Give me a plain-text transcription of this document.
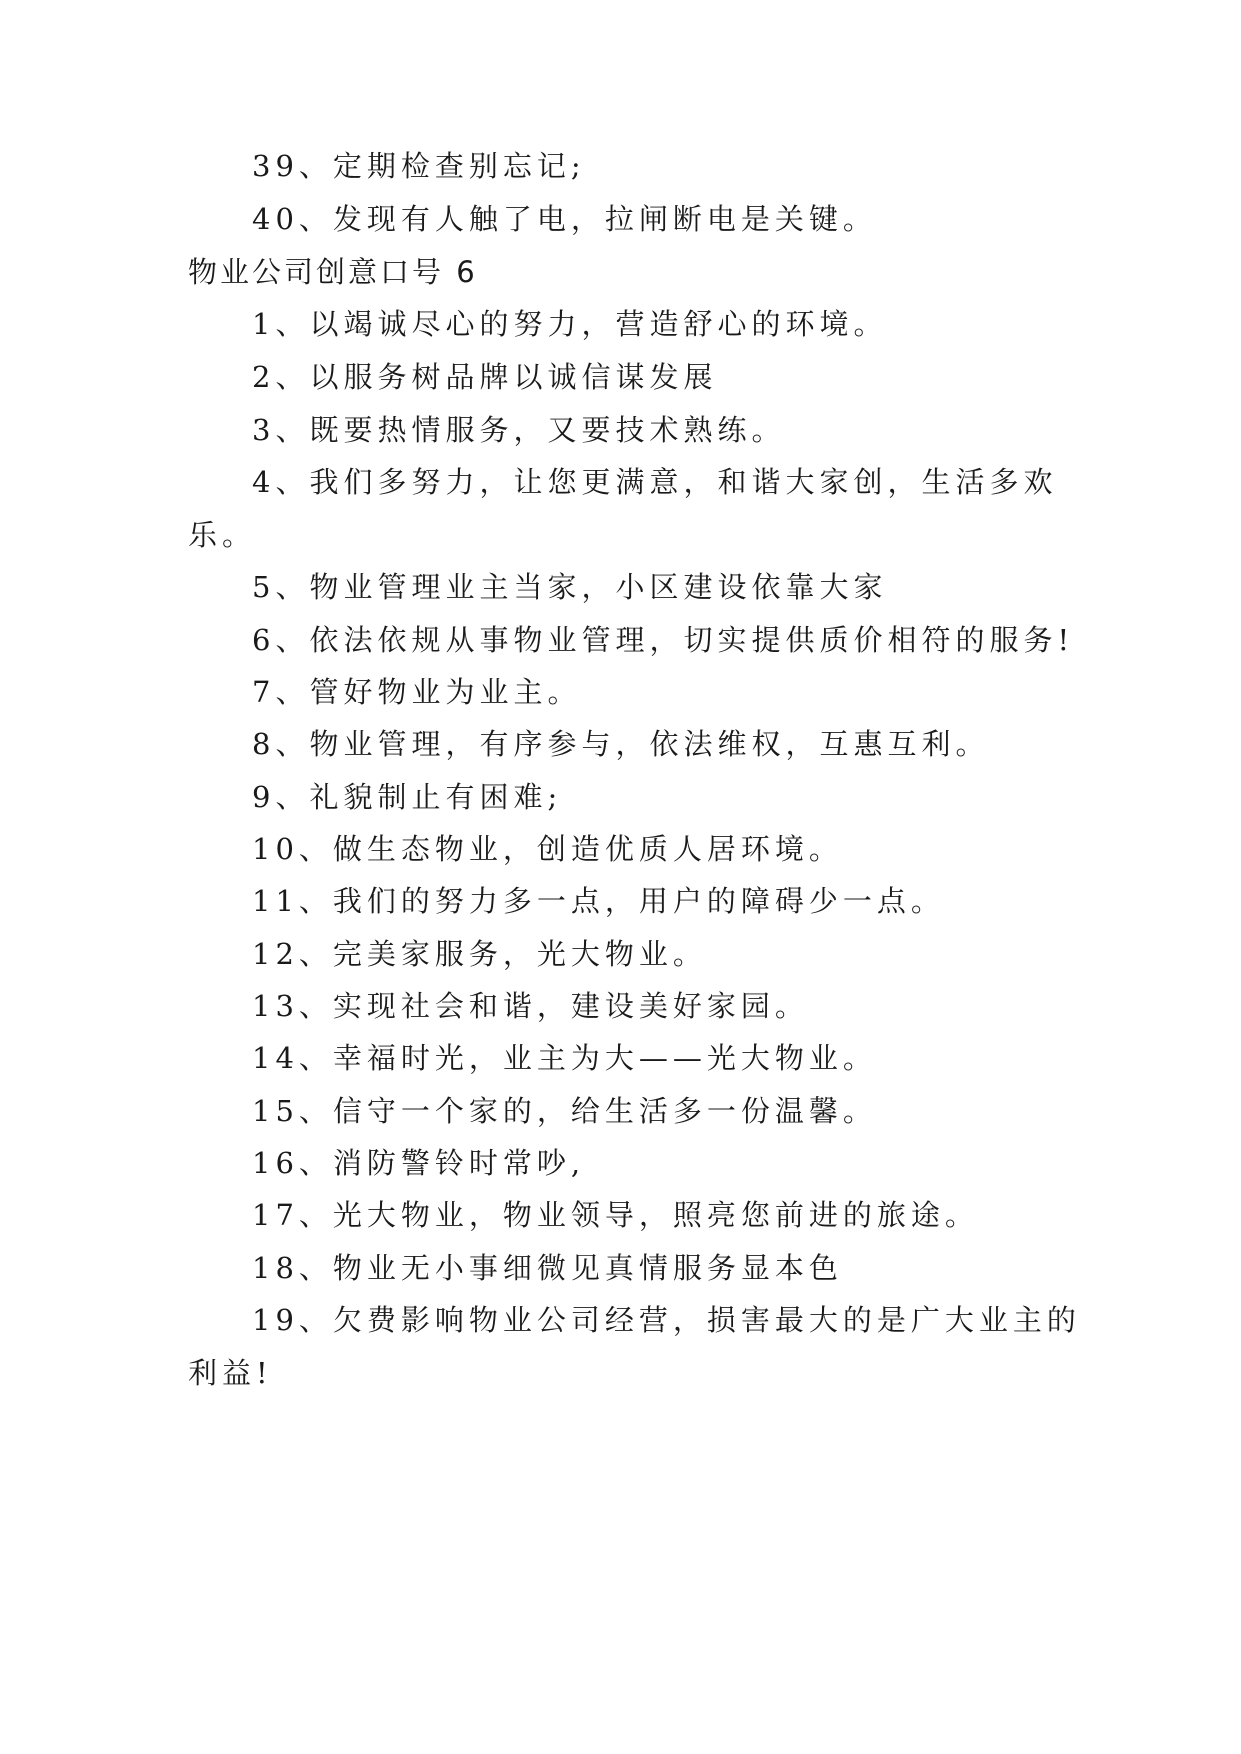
39、定期检查别忘记;
40、发现有人触了电，拉闸断电是关键。
物业公司创意口号 6
1、以竭诚尽心的努力，营造舒心的环境。
2、以服务树品牌以诚信谋发展
3、既要热情服务，又要技术熟练。
4、我们多努力，让您更满意，和谐大家创，生活多欢
乐。
5、物业管理业主当家，小区建设依靠大家
6、依法依规从事物业管理，切实提供质价相符的服务!
7、管好物业为业主。
8、物业管理，有序参与，依法维权，互惠互利。
9、礼貌制止有困难;
10、做生态物业，创造优质人居环境。
11、我们的努力多一点，用户的障碍少一点。
12、完美家服务，光大物业。
13、实现社会和谐，建设美好家园。
14、幸福时光，业主为大——光大物业。
15、信守一个家的，给生活多一份温馨。
16、消防警铃时常吵,
17、光大物业，物业领导，照亮您前进的旅途。
18、物业无小事细微见真情服务显本色
19、欠费影响物业公司经营，损害最大的是广大业主的
利益!
